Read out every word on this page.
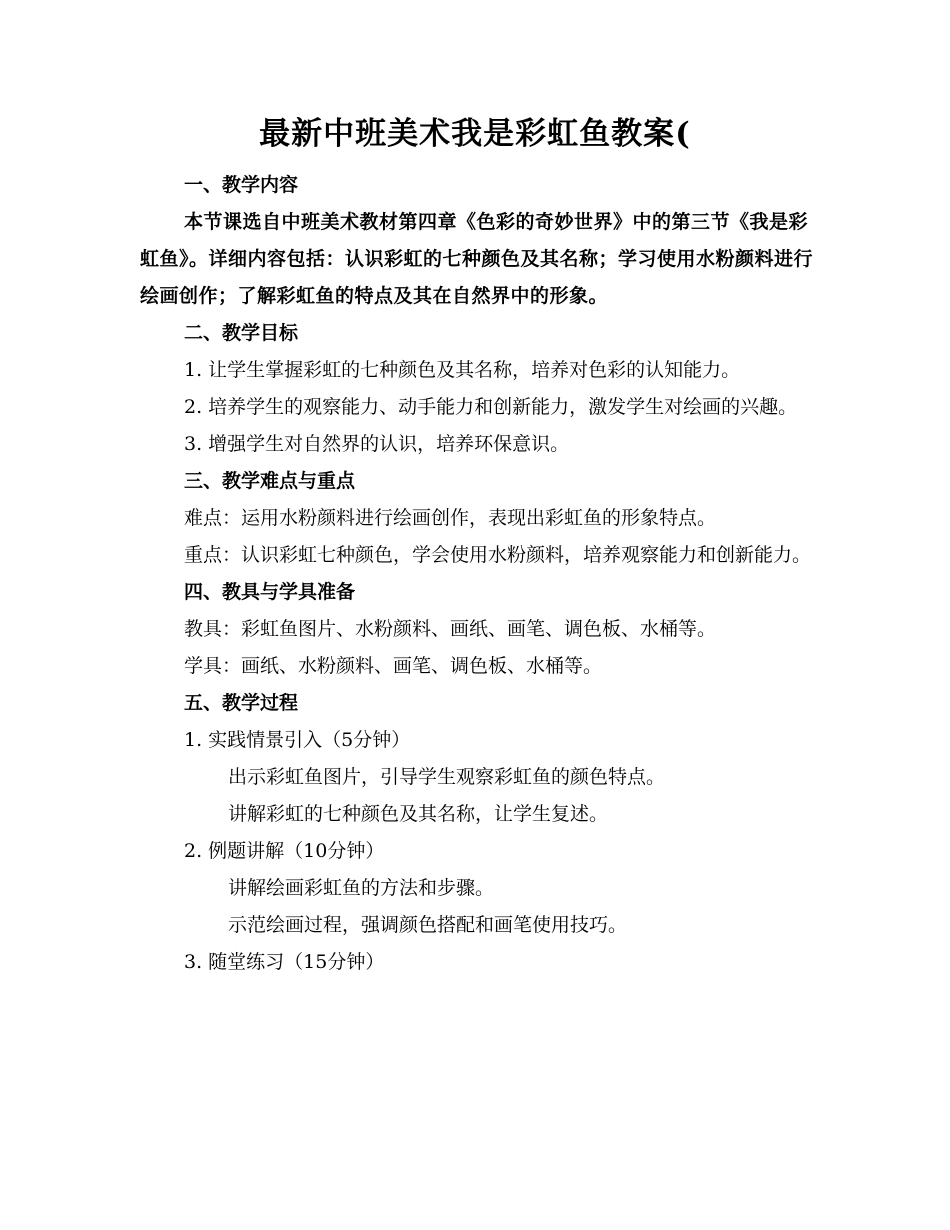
最新中班美术我是彩虹鱼教案(

一、教学内容

本节课选自中班美术教材第四章《色彩的奇妙世界》中的第三节《我是彩虹鱼》。详细内容包括：认识彩虹的七种颜色及其名称；学习使用水粉颜料进行绘画创作；了解彩虹鱼的特点及其在自然界中的形象。

二、教学目标

1. 让学生掌握彩虹的七种颜色及其名称，培养对色彩的认知能力。

2. 培养学生的观察能力、动手能力和创新能力，激发学生对绘画的兴趣。

3. 增强学生对自然界的认识，培养环保意识。

三、教学难点与重点

难点：运用水粉颜料进行绘画创作，表现出彩虹鱼的形象特点。

重点：认识彩虹七种颜色，学会使用水粉颜料，培养观察能力和创新能力。

四、教具与学具准备

教具：彩虹鱼图片、水粉颜料、画纸、画笔、调色板、水桶等。

学具：画纸、水粉颜料、画笔、调色板、水桶等。

五、教学过程

1. 实践情景引入（5分钟）

出示彩虹鱼图片，引导学生观察彩虹鱼的颜色特点。

讲解彩虹的七种颜色及其名称，让学生复述。

2. 例题讲解（10分钟）

讲解绘画彩虹鱼的方法和步骤。

示范绘画过程，强调颜色搭配和画笔使用技巧。

3. 随堂练习（15分钟）
